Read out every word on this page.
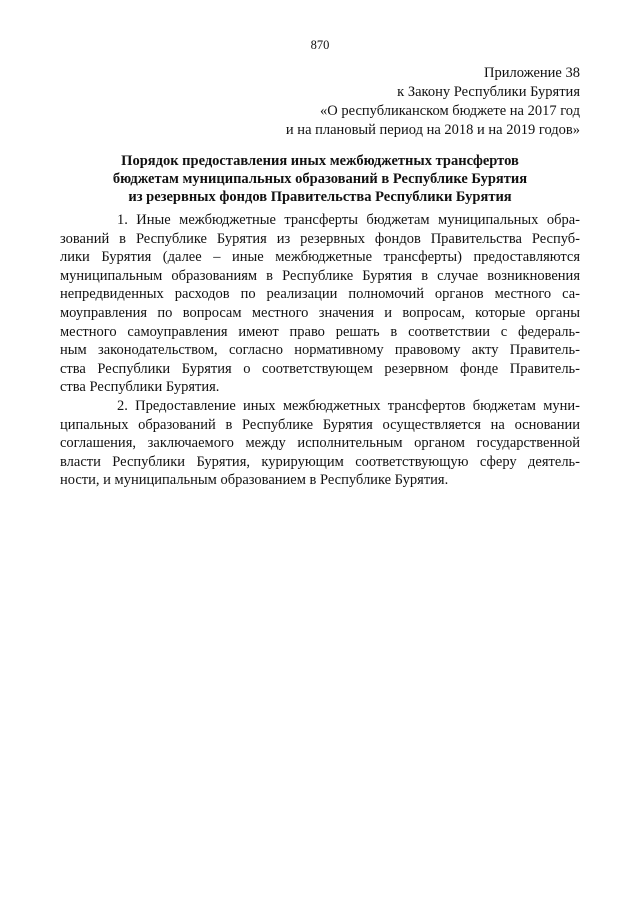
870
Приложение 38
к Закону Республики Бурятия
«О республиканском бюджете на 2017 год
и на плановый период на 2018 и на 2019 годов»
Порядок предоставления иных межбюджетных трансфертов
бюджетам муниципальных образований в Республике Бурятия
из резервных фондов Правительства Республики Бурятия

1. Иные межбюджетные трансферты бюджетам муниципальных обра-
зований в Республике Бурятия из резервных фондов Правительства Респуб-
лики Бурятия (далее – иные межбюджетные трансферты) предоставляются
муниципальным образованиям в Республике Бурятия в случае возникновения
непредвиденных расходов по реализации полномочий органов местного са-
моуправления по вопросам местного значения и вопросам, которые органы
местного самоуправления имеют право решать в соответствии с федераль-
ным законодательством, согласно нормативному правовому акту Правитель-
ства Республики Бурятия о соответствующем резервном фонде Правитель-
ства Республики Бурятия.

2. Предоставление иных межбюджетных трансфертов бюджетам муни-
ципальных образований в Республике Бурятия осуществляется на основании
соглашения, заключаемого между исполнительным органом государственной
власти Республики Бурятия, курирующим соответствующую сферу деятель-
ности, и муниципальным образованием в Республике Бурятия.
